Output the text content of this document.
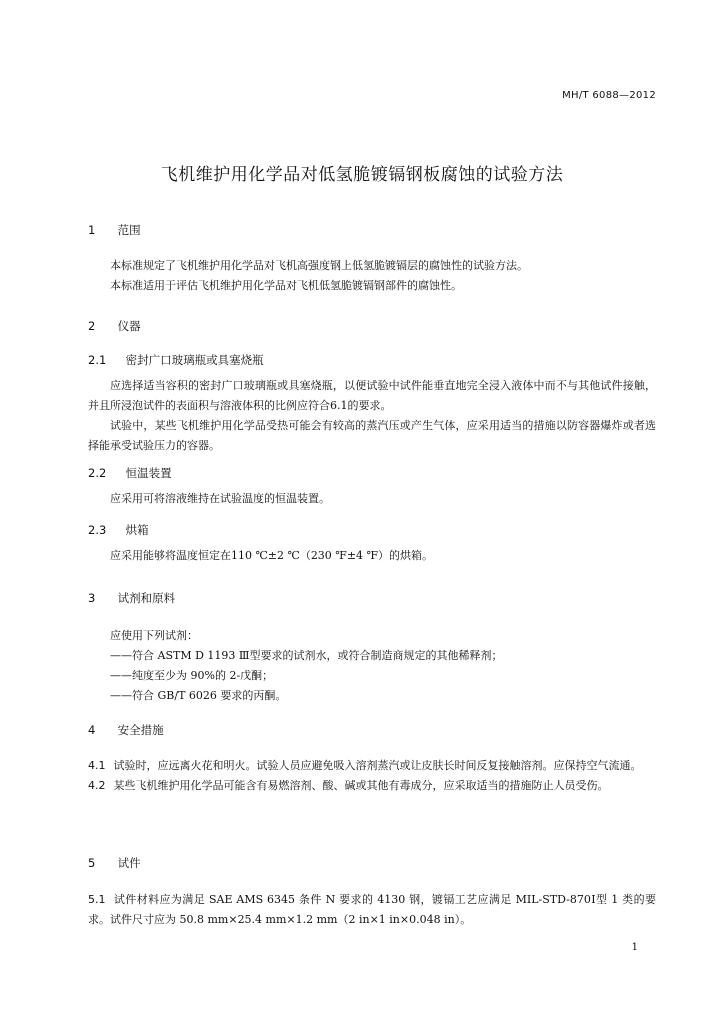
MH/T 6088—2012
飞机维护用化学品对低氢脆镀镉钢板腐蚀的试验方法
1 范围

本标准规定了飞机维护用化学品对飞机高强度钢上低氢脆镀镉层的腐蚀性的试验方法。

本标准适用于评估飞机维护用化学品对飞机低氢脆镀镉钢部件的腐蚀性。

2 仪器
2.1 密封广口玻璃瓶或具塞烧瓶

应选择适当容积的密封广口玻璃瓶或具塞烧瓶，以便试验中试件能垂直地完全浸入液体中而不与其他试件接触，并且所浸泡试件的表面积与溶液体积的比例应符合6.1的要求。

试验中，某些飞机维护用化学品受热可能会有较高的蒸汽压或产生气体，应采用适当的措施以防容器爆炸或者选择能承受试验压力的容器。

2.2 恒温装置

应采用可将溶液维持在试验温度的恒温装置。

2.3 烘箱

应采用能够将温度恒定在110 ℃±2 ℃（230 ℉±4 ℉）的烘箱。

3 试剂和原料

应使用下列试剂：

——符合 ASTM D 1193 Ⅲ型要求的试剂水，或符合制造商规定的其他稀释剂；

——纯度至少为 90%的 2-戊酮；

——符合 GB/T 6026 要求的丙酮。

4 安全措施

4.1 试验时，应远离火花和明火。试验人员应避免吸入溶剂蒸汽或让皮肤长时间反复接触溶剂。应保持空气流通。

4.2 某些飞机维护用化学品可能含有易燃溶剂、酸、碱或其他有毒成分，应采取适当的措施防止人员受伤。

5 试件

5.1 试件材料应为满足 SAE AMS 6345 条件 N 要求的 4130 钢，镀镉工艺应满足 MIL-STD-870Ⅰ型 1 类的要求。试件尺寸应为 50.8 mm×25.4 mm×1.2 mm（2 in×1 in×0.048 in）。

1
